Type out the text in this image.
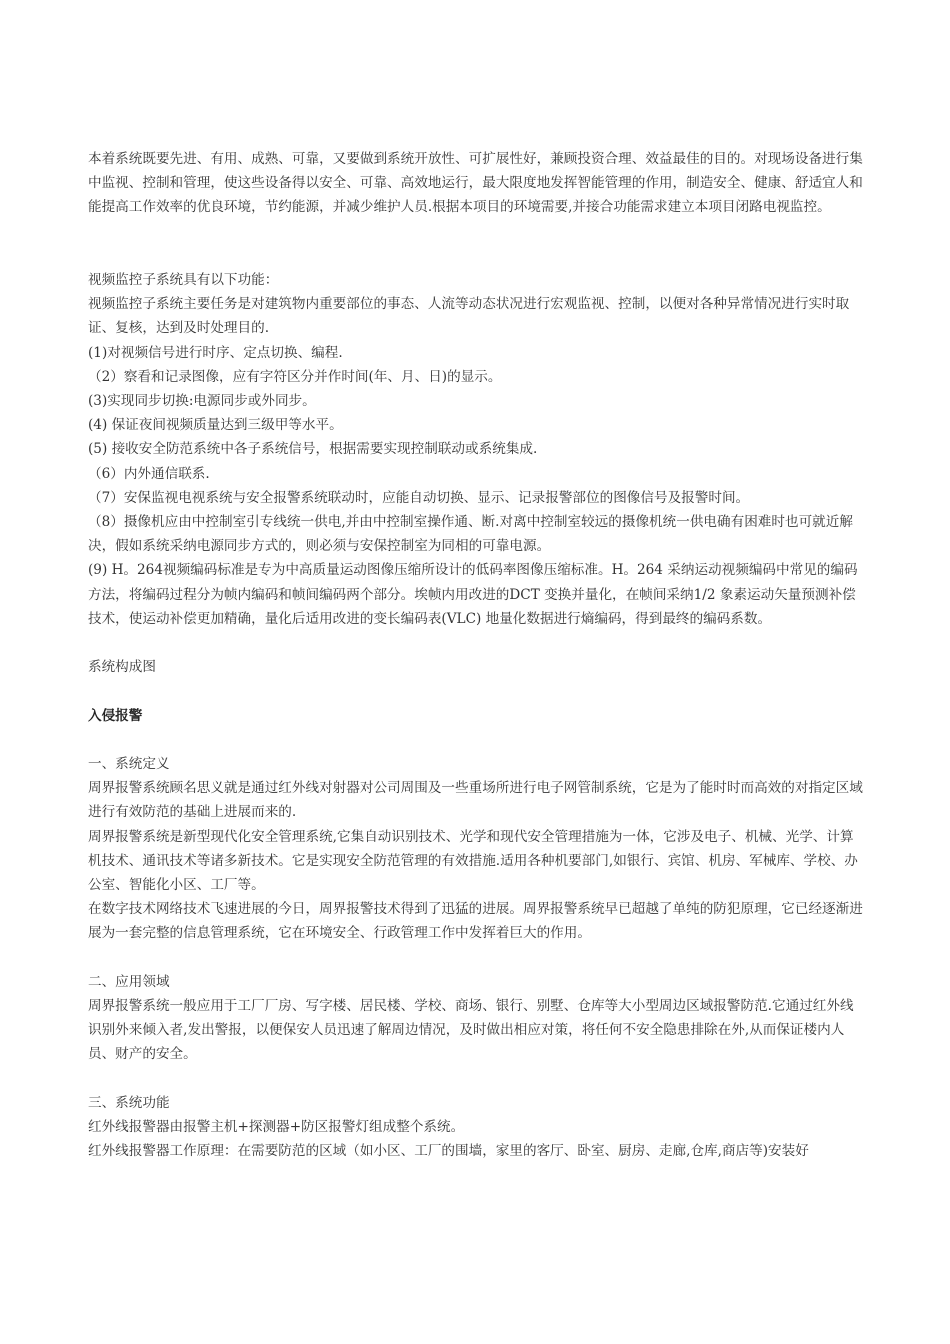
本着系统既要先进、有用、成熟、可靠，又要做到系统开放性、可扩展性好，兼顾投资合理、效益最佳的目的。对现场设备进行集中监视、控制和管理，使这些设备得以安全、可靠、高效地运行，最大限度地发挥智能管理的作用，制造安全、健康、舒适宜人和能提高工作效率的优良环境，节约能源，并减少维护人员.根据本项目的环境需要,并接合功能需求建立本项目闭路电视监控。

视频监控子系统具有以下功能：

视频监控子系统主要任务是对建筑物内重要部位的事态、人流等动态状况进行宏观监视、控制，以便对各种异常情况进行实时取证、复核，达到及时处理目的.

(1)对视频信号进行时序、定点切换、编程.

（2）察看和记录图像，应有字符区分并作时间(年、月、日)的显示。

(3)实现同步切换:电源同步或外同步。

(4) 保证夜间视频质量达到三级甲等水平。

(5) 接收安全防范系统中各子系统信号，根据需要实现控制联动或系统集成.

（6）内外通信联系.

（7）安保监视电视系统与安全报警系统联动时，应能自动切换、显示、记录报警部位的图像信号及报警时间。

（8）摄像机应由中控制室引专线统一供电,并由中控制室操作通、断.对离中控制室较远的摄像机统一供电确有困难时也可就近解决，假如系统采纳电源同步方式的，则必须与安保控制室为同相的可靠电源。

(9) H。264视频编码标准是专为中高质量运动图像压缩所设计的低码率图像压缩标准。H。264 采纳运动视频编码中常见的编码方法，将编码过程分为帧内编码和帧间编码两个部分。埃帧内用改进的DCT 变换并量化，在帧间采纳1/2 象素运动矢量预测补偿技术，使运动补偿更加精确，量化后适用改进的变长编码表(VLC) 地量化数据进行熵编码，得到最终的编码系数。

系统构成图

入侵报警

一、系统定义

周界报警系统顾名思义就是通过红外线对射器对公司周围及一些重场所进行电子网管制系统，它是为了能时时而高效的对指定区域进行有效防范的基础上进展而来的.

周界报警系统是新型现代化安全管理系统,它集自动识别技术、光学和现代安全管理措施为一体，它涉及电子、机械、光学、计算机技术、通讯技术等诸多新技术。它是实现安全防范管理的有效措施.适用各种机要部门,如银行、宾馆、机房、军械库、学校、办公室、智能化小区、工厂等。

在数字技术网络技术飞速进展的今日，周界报警技术得到了迅猛的进展。周界报警系统早已超越了单纯的防犯原理，它已经逐渐进展为一套完整的信息管理系统，它在环境安全、行政管理工作中发挥着巨大的作用。

二、应用领域

周界报警系统一般应用于工厂厂房、写字楼、居民楼、学校、商场、银行、别墅、仓库等大小型周边区域报警防范.它通过红外线识别外来倾入者,发出警报，以便保安人员迅速了解周边情况，及时做出相应对策，将任何不安全隐患排除在外,从而保证楼内人员、财产的安全。

三、系统功能

红外线报警器由报警主机+探测器+防区报警灯组成整个系统。

红外线报警器工作原理：在需要防范的区域（如小区、工厂的围墙，家里的客厅、卧室、厨房、走廊,仓库,商店等)安装好
